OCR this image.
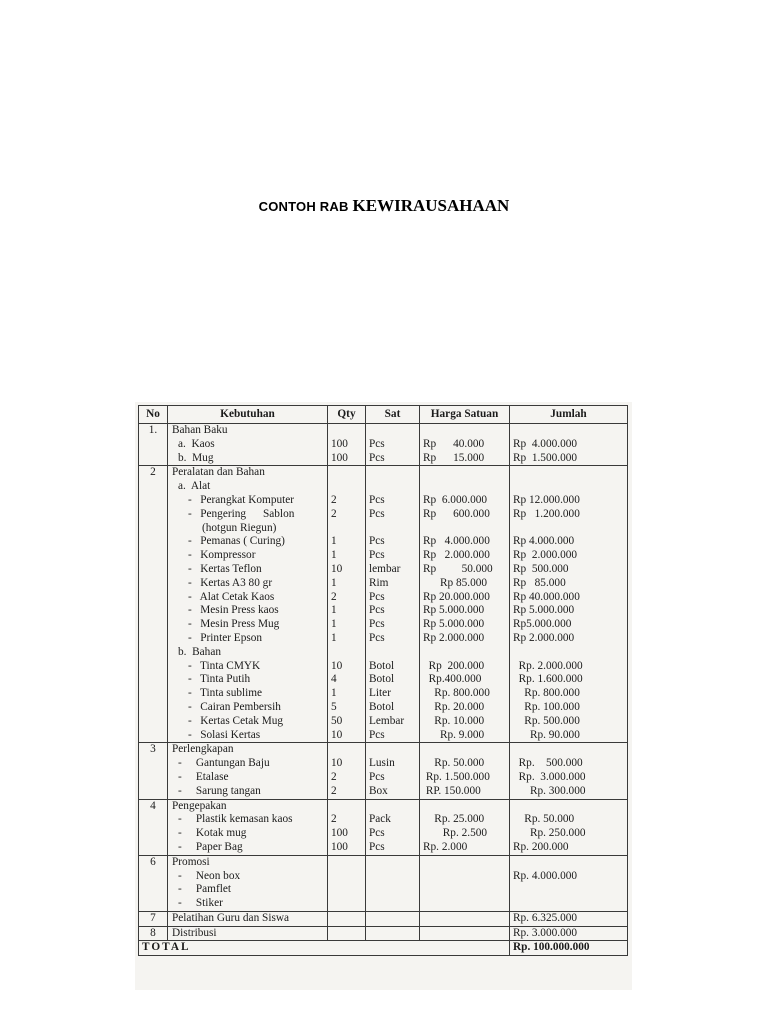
CONTOH RAB KEWIRAUSAHAAN
No	Kebutuhan	Qty	Sat	Harga Satuan	Jumlah
1.	Bahan Baku				
	a.  Kaos	100	Pcs	Rp      40.000	Rp  4.000.000
	b.  Mug	100	Pcs	Rp      15.000	Rp  1.500.000

2	Peralatan dan Bahan				
	a.  Alat				
	-   Perangkat Komputer	2	Pcs	Rp  6.000.000	Rp 12.000.000
	-   Pengering      Sablon	2	Pcs	Rp      600.000	Rp   1.200.000
	(hotgun Riegun)				
	-   Pemanas ( Curing)	1	Pcs	Rp   4.000.000	Rp 4.000.000
	-   Kompressor	1	Pcs	Rp   2.000.000	Rp  2.000.000
	-   Kertas Teflon	10	lembar	Rp         50.000	Rp  500.000
	-   Kertas A3 80 gr	1	Rim	Rp 85.000	Rp   85.000
	-   Alat Cetak Kaos	2	Pcs	Rp 20.000.000	Rp 40.000.000
	-   Mesin Press kaos	1	Pcs	Rp 5.000.000	Rp 5.000.000
	-   Mesin Press Mug	1	Pcs	Rp 5.000.000	Rp5.000.000
	-   Printer Epson	1	Pcs	Rp 2.000.000	Rp 2.000.000
	b.  Bahan				
	-   Tinta CMYK	10	Botol	Rp  200.000	Rp. 2.000.000
	-   Tinta Putih	4	Botol	Rp.400.000	Rp. 1.600.000
	-   Tinta sublime	1	Liter	Rp. 800.000	Rp. 800.000
	-   Cairan Pembersih	5	Botol	Rp. 20.000	Rp. 100.000
	-   Kertas Cetak Mug	50	Lembar	Rp. 10.000	Rp. 500.000
	-   Solasi Kertas	10	Pcs	Rp. 9.000	Rp. 90.000
3	Perlengkapan				
	-     Gantungan Baju	10	Lusin	Rp. 50.000	Rp.    500.000
	-     Etalase	2	Pcs	Rp. 1.500.000	Rp.  3.000.000
	-     Sarung tangan	2	Box	RP. 150.000	Rp. 300.000
4	Pengepakan				
	-     Plastik kemasan kaos	2	Pack	Rp. 25.000	Rp. 50.000
	-     Kotak mug	100	Pcs	Rp. 2.500	Rp. 250.000
	-     Paper Bag	100	Pcs	Rp. 2.000	Rp. 200.000
6	Promosi				
	-     Neon box				Rp. 4.000.000
	-     Pamflet				
	-     Stiker				
7	Pelatihan Guru dan Siswa				Rp. 6.325.000
8	Distribusi				Rp. 3.000.000
TOTAL					Rp. 100.000.000
